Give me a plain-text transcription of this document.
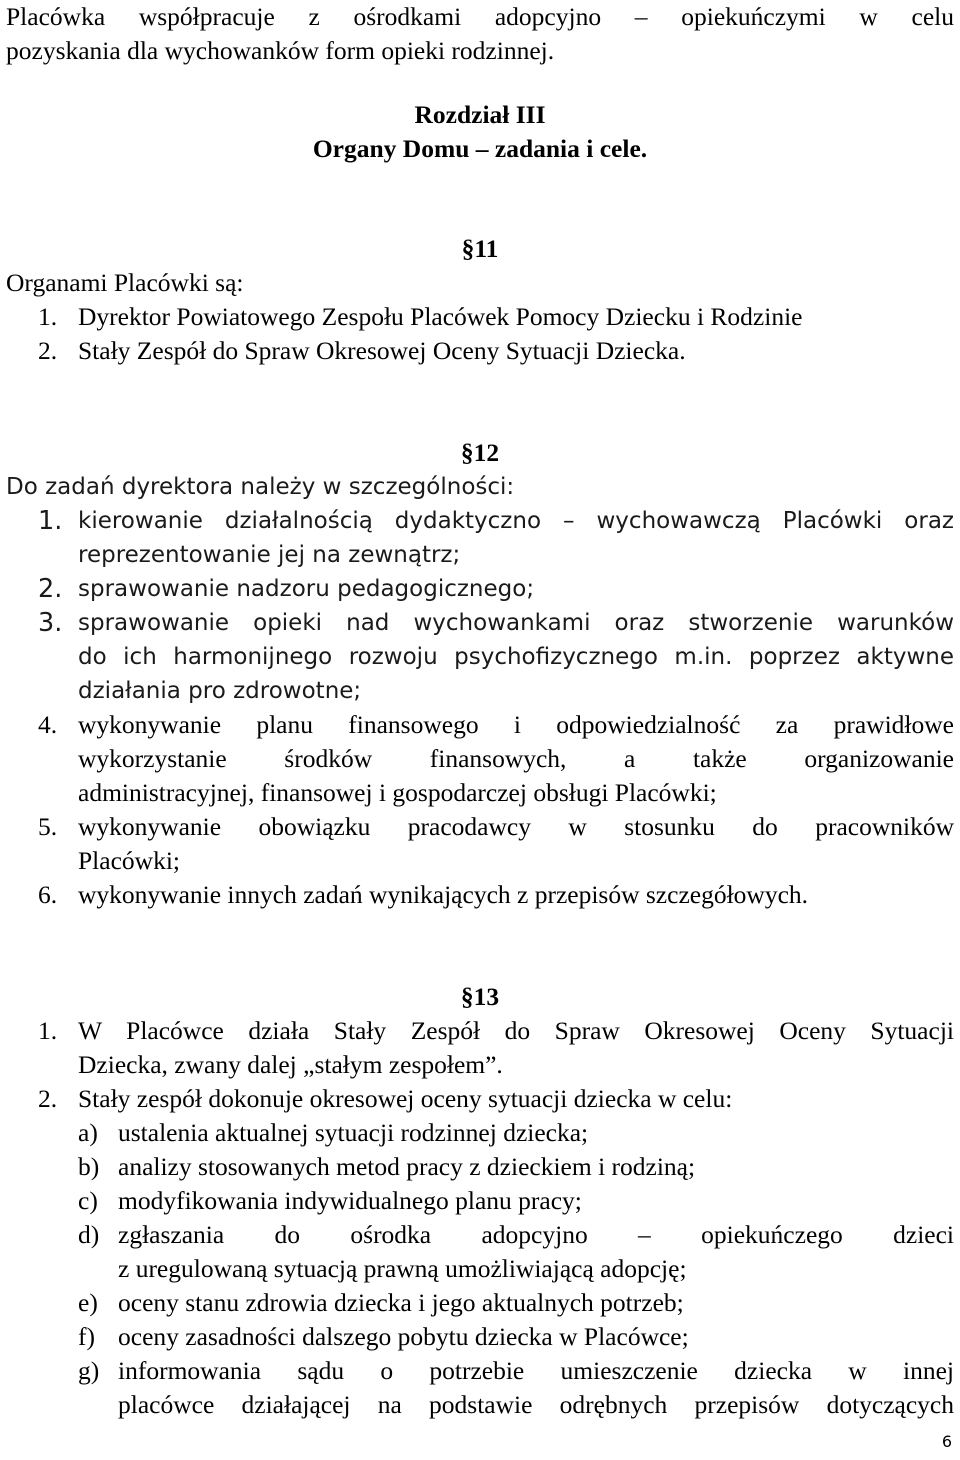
Placówka współpracuje z ośrodkami adopcyjno – opiekuńczymi w celu
pozyskania dla wychowanków form opieki rodzinnej.
Rozdział III
Organy Domu – zadania i cele.
§11
Organami Placówki są:
1. Dyrektor Powiatowego Zespołu Placówek Pomocy Dziecku i Rodzinie
2. Stały Zespół do Spraw Okresowej Oceny Sytuacji Dziecka.
§12
Do zadań dyrektora należy w szczególności:
1. kierowanie działalnością dydaktyczno – wychowawczą Placówki oraz
reprezentowanie jej na zewnątrz;
2. sprawowanie nadzoru pedagogicznego;
3. sprawowanie opieki nad wychowankami oraz stworzenie warunków
do ich harmonijnego rozwoju psychofizycznego m.in. poprzez aktywne
działania pro zdrowotne;
4. wykonywanie planu finansowego i odpowiedzialność za prawidłowe
wykorzystanie środków finansowych, a także organizowanie
administracyjnej, finansowej i gospodarczej obsługi Placówki;
5. wykonywanie obowiązku pracodawcy w stosunku do pracowników
Placówki;
6. wykonywanie innych zadań wynikających z przepisów szczegółowych.
§13
1. W Placówce działa Stały Zespół do Spraw Okresowej Oceny Sytuacji
Dziecka, zwany dalej „stałym zespołem”.
2. Stały zespół dokonuje okresowej oceny sytuacji dziecka w celu:
a) ustalenia aktualnej sytuacji rodzinnej dziecka;
b) analizy stosowanych metod pracy z dzieckiem i rodziną;
c) modyfikowania indywidualnego planu pracy;
d) zgłaszania do ośrodka adopcyjno – opiekuńczego dzieci
z uregulowaną sytuacją prawną umożliwiającą adopcję;
e) oceny stanu zdrowia dziecka i jego aktualnych potrzeb;
f) oceny zasadności dalszego pobytu dziecka w Placówce;
g) informowania sądu o potrzebie umieszczenie dziecka w innej
placówce działającej na podstawie odrębnych przepisów dotyczących
6
